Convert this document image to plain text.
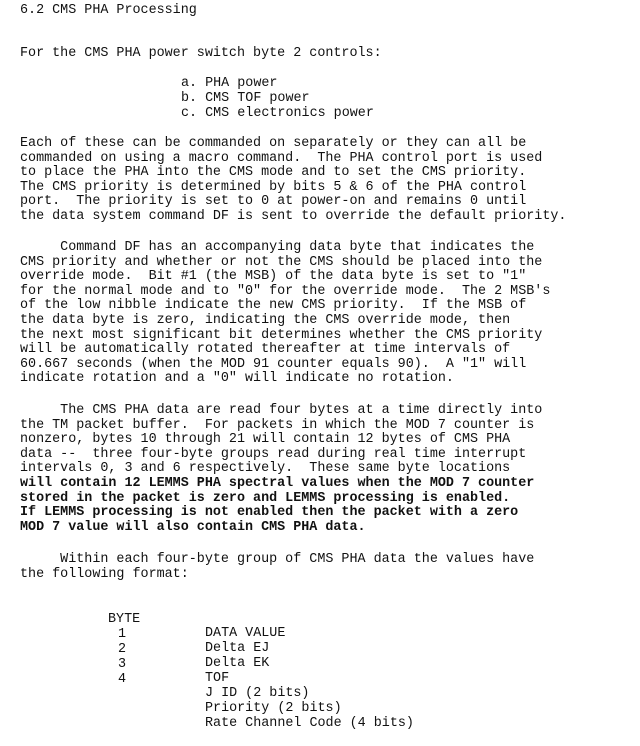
6.2 CMS PHA Processing
For the CMS PHA power switch byte 2 controls:
a. PHA power
b. CMS TOF power
c. CMS electronics power
Each of these can be commanded on separately or they can all be
commanded on using a macro command.  The PHA control port is used
to place the PHA into the CMS mode and to set the CMS priority.
The CMS priority is determined by bits 5 & 6 of the PHA control
port.  The priority is set to 0 at power-on and remains 0 until
the data system command DF is sent to override the default priority.
Command DF has an accompanying data byte that indicates the
CMS priority and whether or not the CMS should be placed into the
override mode.  Bit #1 (the MSB) of the data byte is set to "1"
for the normal mode and to "0" for the override mode.  The 2 MSB's
of the low nibble indicate the new CMS priority.  If the MSB of
the data byte is zero, indicating the CMS override mode, then
the next most significant bit determines whether the CMS priority
will be automatically rotated thereafter at time intervals of
60.667 seconds (when the MOD 91 counter equals 90).  A "1" will
indicate rotation and a "0" will indicate no rotation.
The CMS PHA data are read four bytes at a time directly into
the TM packet buffer.  For packets in which the MOD 7 counter is
nonzero, bytes 10 through 21 will contain 12 bytes of CMS PHA
data --  three four-byte groups read during real time interrupt
intervals 0, 3 and 6 respectively.  These same byte locations
will contain 12 LEMMS PHA spectral values when the MOD 7 counter
stored in the packet is zero and LEMMS processing is enabled.
If LEMMS processing is not enabled then the packet with a zero
MOD 7 value will also contain CMS PHA data.
Within each four-byte group of CMS PHA data the values have
the following format:

BYTE

DATA VALUE

1

Delta EJ

2

Delta EK

3

TOF

4

J ID (2 bits)

Priority (2 bits)

Rate Channel Code (4 bits)
